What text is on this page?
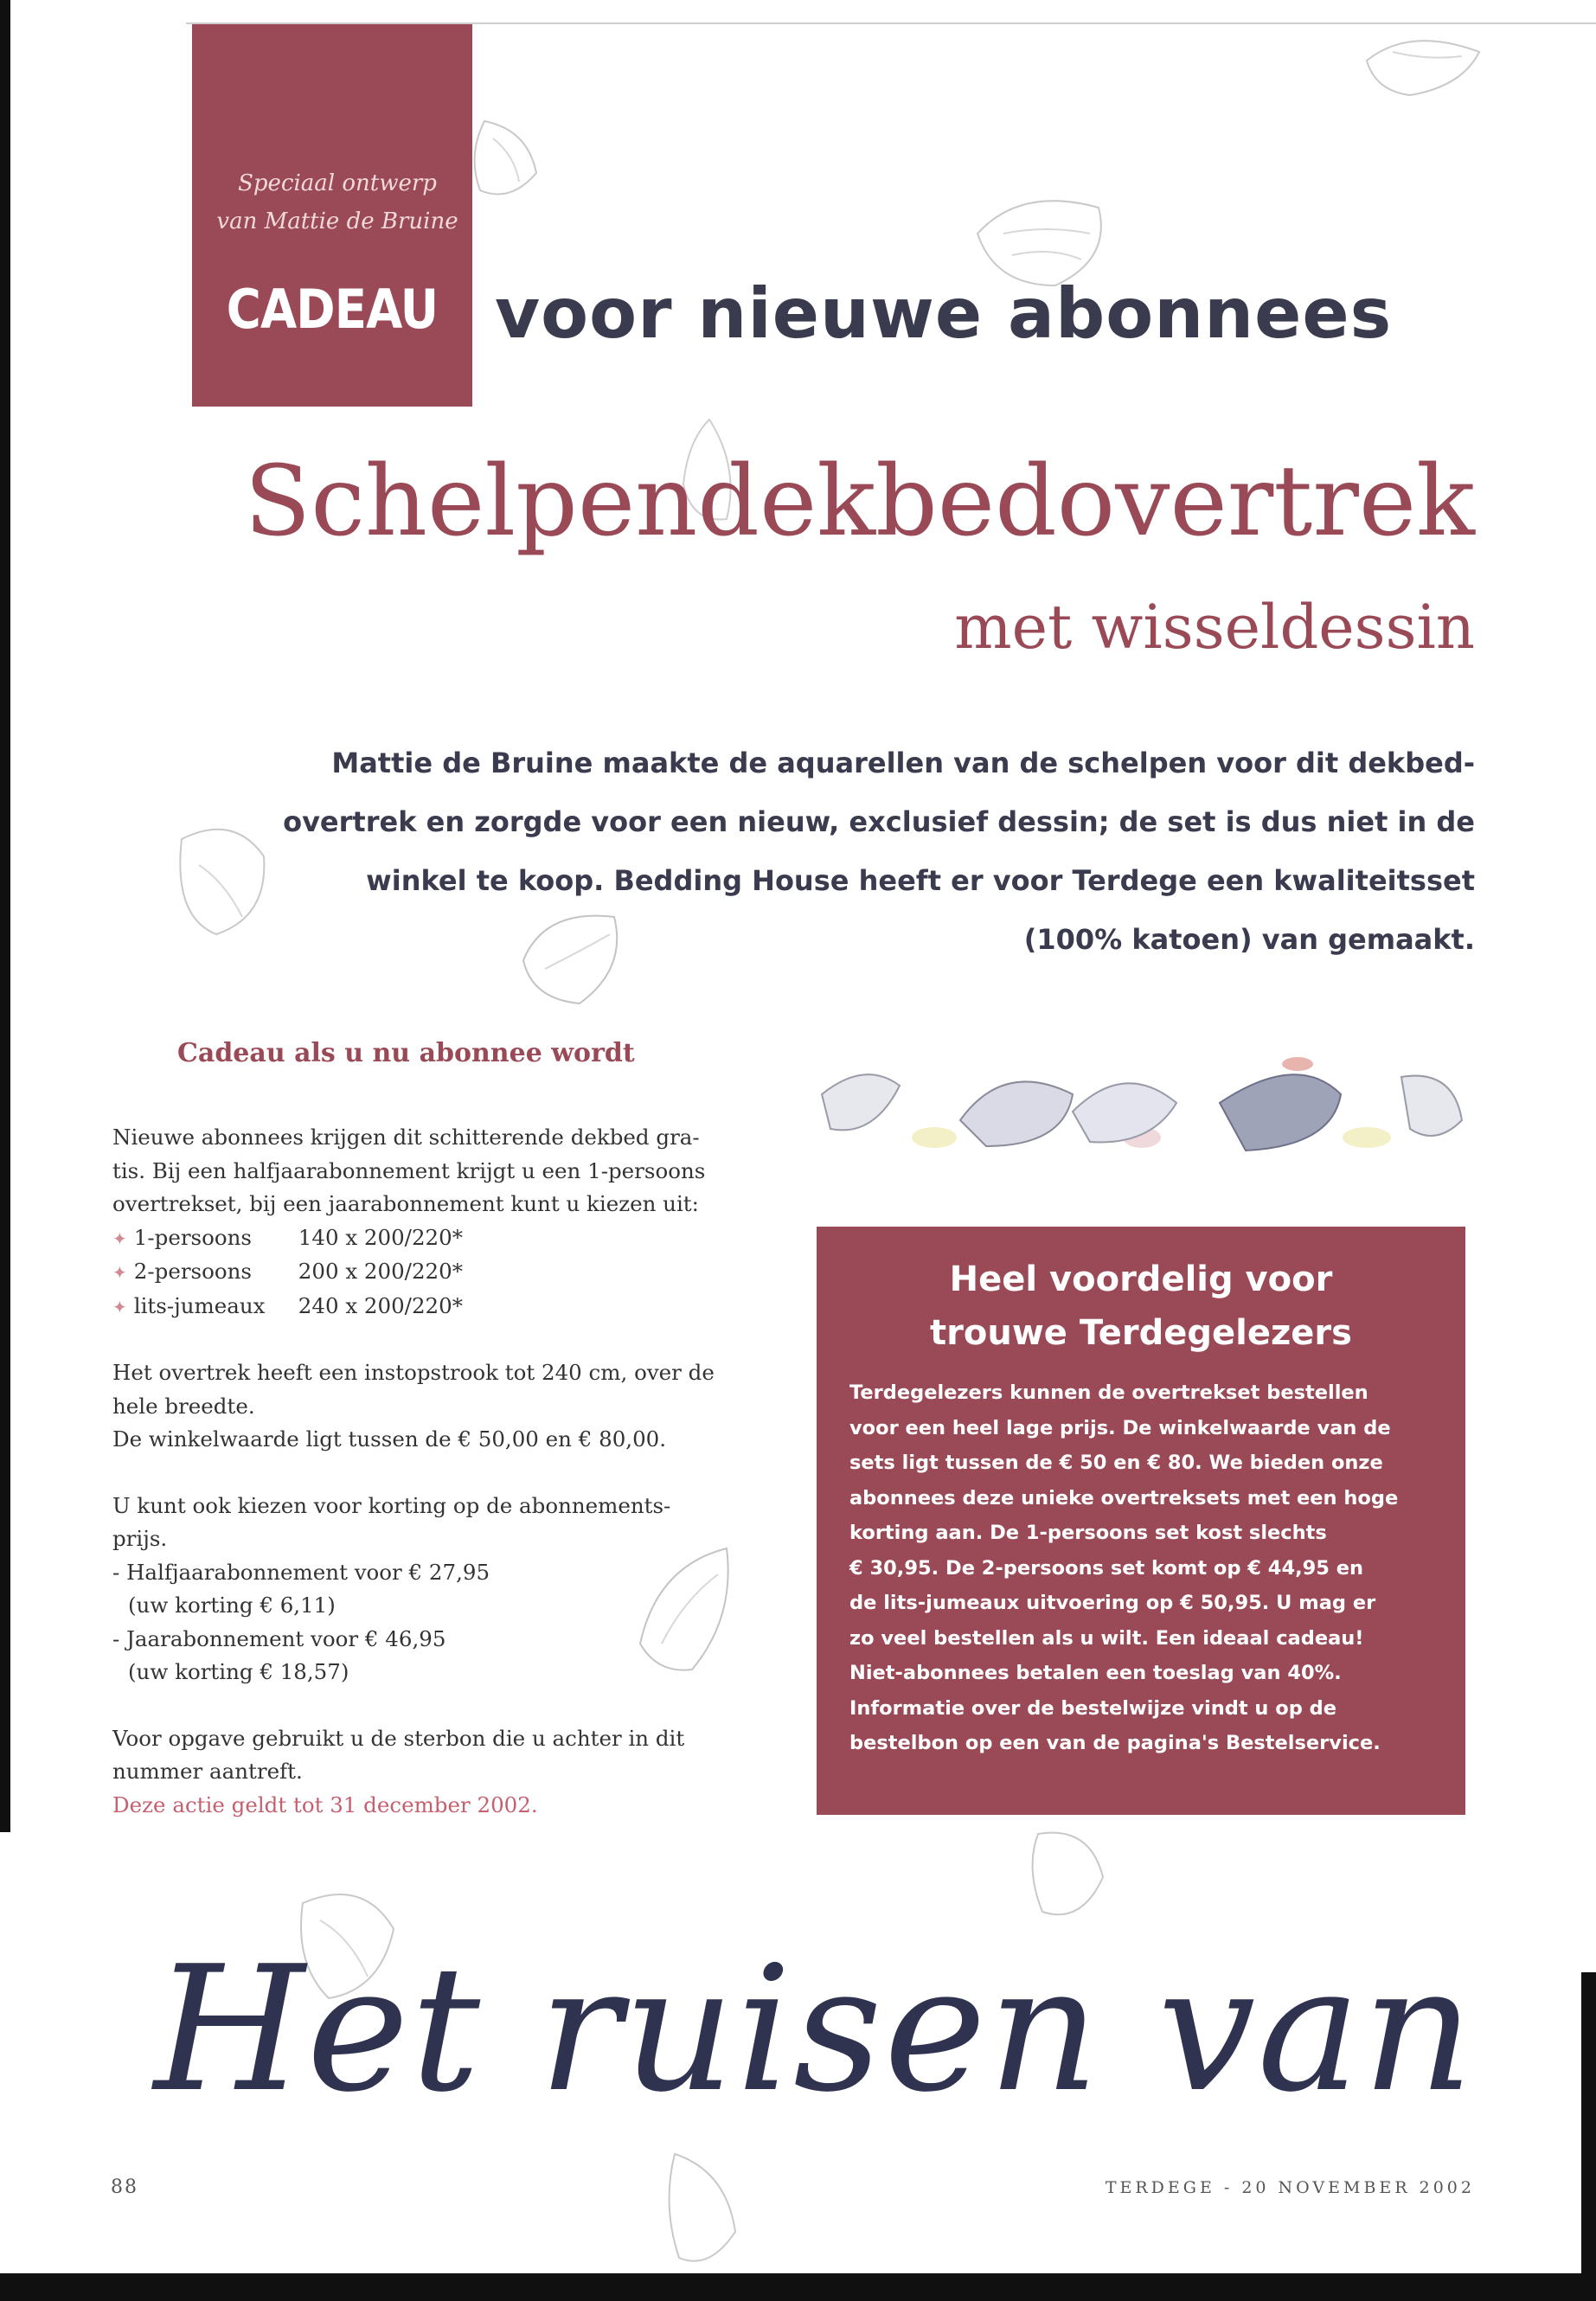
Speciaal ontwerp
van Mattie de Bruine
CADEAU voor nieuwe abonnees
Schelpendekbedovertrek
met wisseldessin
Mattie de Bruine maakte de aquarellen van de schelpen voor dit dekbed-
overtrek en zorgde voor een nieuw, exclusief dessin; de set is dus niet in de
winkel te koop. Bedding House heeft er voor Terdege een kwaliteitsset
(100% katoen) van gemaakt.
Cadeau als u nu abonnee wordt

Nieuwe abonnees krijgen dit schitterende dekbed gra-

tis. Bij een halfjaarabonnement krijgt u een 1-persoons

overtrekset, bij een jaarabonnement kunt u kiezen uit:

✦ 1-persoons 140 x 200/220*
✦ 2-persoons 200 x 200/220*
✦ lits-jumeaux 240 x 200/220*

Het overtrek heeft een instopstrook tot 240 cm, over de

hele breedte.

De winkelwaarde ligt tussen de € 50,00 en € 80,00.

U kunt ook kiezen voor korting op de abonnements-

prijs.

- Halfjaarabonnement voor € 27,95

(uw korting € 6,11)

- Jaarabonnement voor € 46,95

(uw korting € 18,57)

Voor opgave gebruikt u de sterbon die u achter in dit

nummer aantreft.

Deze actie geldt tot 31 december 2002.

Heel voordelig voor
trouwe Terdegelezers
Terdegelezers kunnen de overtrekset bestellen
voor een heel lage prijs. De winkelwaarde van de
sets ligt tussen de € 50 en € 80. We bieden onze
abonnees deze unieke overtreksets met een hoge
korting aan. De 1-persoons set kost slechts
€ 30,95. De 2-persoons set komt op € 44,95 en
de lits-jumeaux uitvoering op € 50,95. U mag er
zo veel bestellen als u wilt. Een ideaal cadeau!
Niet-abonnees betalen een toeslag van 40%.
Informatie over de bestelwijze vindt u op de
bestelbon op een van de pagina's Bestelservice.
Het ruisen van
88	TERDEGE - 20 NOVEMBER 2002
